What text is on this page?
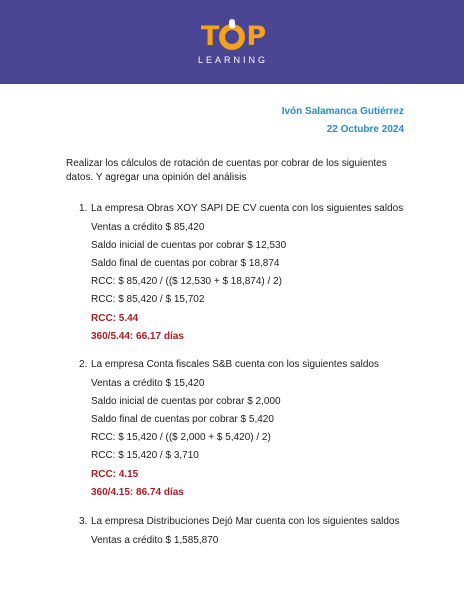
T P
LEARNING
Ivón Salamanca Gutiérrez
22 Octubre 2024
Realizar los cálculos de rotación de cuentas por cobrar de los siguientes datos. Y agregar una opinión del análisis
1. La empresa Obras XOY SAPI DE CV cuenta con los siguientes saldos
Ventas a crédito $ 85,420
Saldo inicial de cuentas por cobrar $ 12,530
Saldo final de cuentas por cobrar $ 18,874
RCC: $ 85,420 / (($ 12,530 + $ 18,874) / 2)
RCC: $ 85,420 / $ 15,702
RCC: 5.44
360/5.44: 66.17 días
2. La empresa Conta fiscales S&B cuenta con los siguientes saldos
Ventas a crédito $ 15,420
Saldo inicial de cuentas por cobrar $ 2,000
Saldo final de cuentas por cobrar $ 5,420
RCC: $ 15,420 / (($ 2,000 + $ 5,420) / 2)
RCC: $ 15,420 / $ 3,710
RCC: 4.15
360/4.15: 86.74 días
3. La empresa Distribuciones Dejó Mar cuenta con los siguientes saldos
Ventas a crédito $ 1,585,870
